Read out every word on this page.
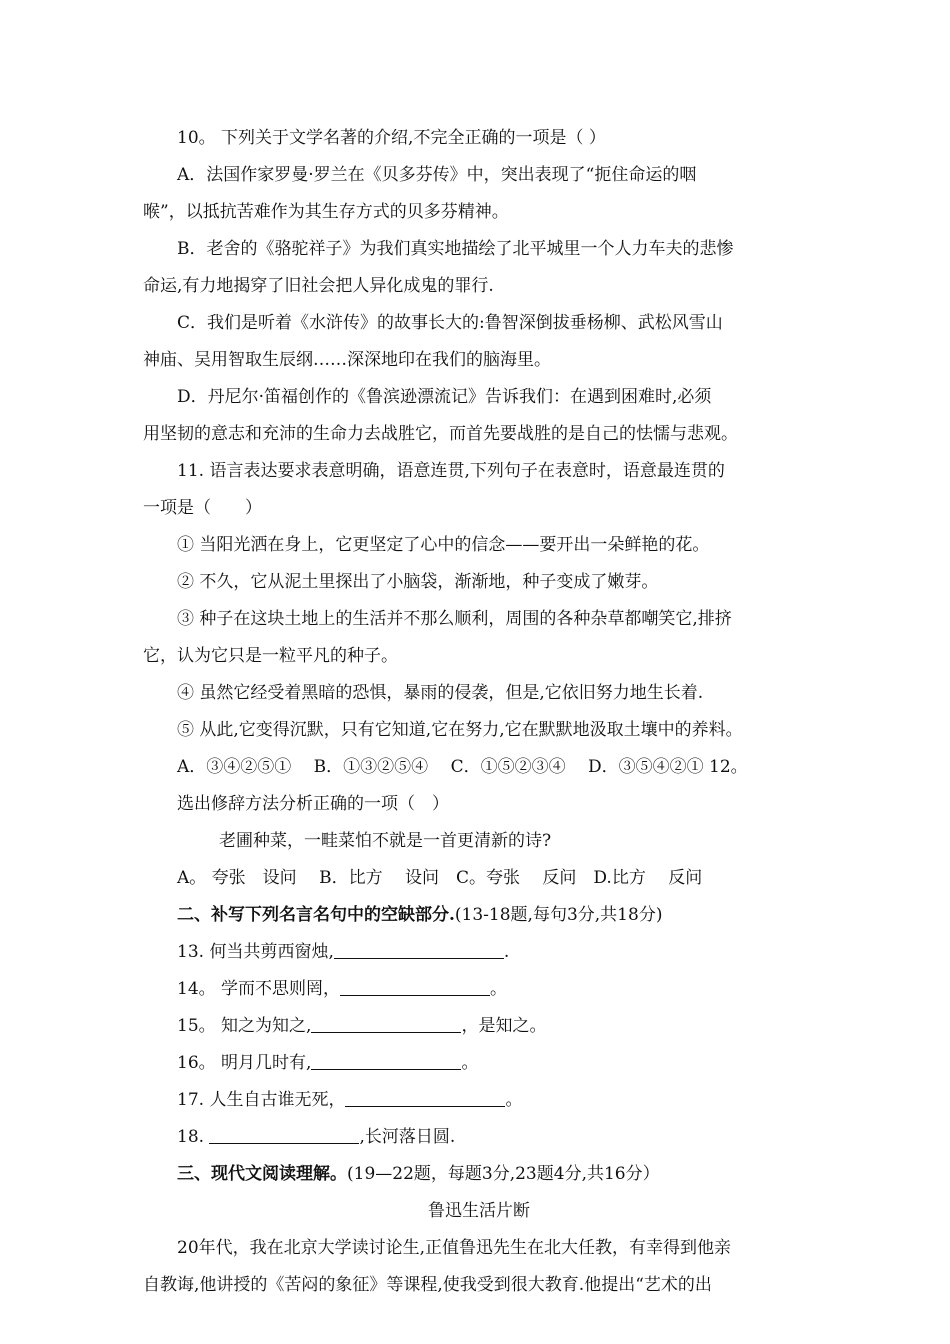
10。 下列关于文学名著的介绍,不完全正确的一项是（ ）
A．法国作家罗曼·罗兰在《贝多芬传》中，突出表现了“扼住命运的咽
喉”，以抵抗苦难作为其生存方式的贝多芬精神。
B．老舍的《骆驼祥子》为我们真实地描绘了北平城里一个人力车夫的悲惨
命运,有力地揭穿了旧社会把人异化成鬼的罪行.
C．我们是听着《水浒传》的故事长大的:鲁智深倒拔垂杨柳、武松风雪山
神庙、吴用智取生辰纲……深深地印在我们的脑海里。
D．丹尼尔·笛福创作的《鲁滨逊漂流记》告诉我们：在遇到困难时,必须
用坚韧的意志和充沛的生命力去战胜它，而首先要战胜的是自己的怯懦与悲观。
11. 语言表达要求表意明确，语意连贯,下列句子在表意时，语意最连贯的
一项是（　　）
① 当阳光洒在身上，它更坚定了心中的信念——要开出一朵鲜艳的花。
② 不久，它从泥土里探出了小脑袋，渐渐地，种子变成了嫩芽。
③ 种子在这块土地上的生活并不那么顺利，周围的各种杂草都嘲笑它,排挤
它，认为它只是一粒平凡的种子。
④ 虽然它经受着黑暗的恐惧，暴雨的侵袭，但是,它依旧努力地生长着.
⑤ 从此,它变得沉默，只有它知道,它在努力,它在默默地汲取土壤中的养料。
A．③④②⑤①　 B．①③②⑤④　 C．①⑤②③④　 D．③⑤④②① 12。
选出修辞方法分析正确的一项（　）
老圃种菜，一畦菜怕不就是一首更清新的诗?
A。 夸张　设问　 B．比方　 设问　C。夸张　 反问　D.比方　 反问
二、补写下列名言名句中的空缺部分.(13-18题,每句3分,共18分)
13. 何当共剪西窗烛,	.
14。 学而不思则罔，	。
15。 知之为知之,	，是知之。
16。 明月几时有,	。
17. 人生自古谁无死，	。
18.	,长河落日圆.
三、现代文阅读理解。(19—22题，每题3分,23题4分,共16分）
鲁迅生活片断
20年代，我在北京大学读讨论生,正值鲁迅先生在北大任教，有幸得到他亲
自教诲,他讲授的《苦闷的象征》等课程,使我受到很大教育.他提出“艺术的出
